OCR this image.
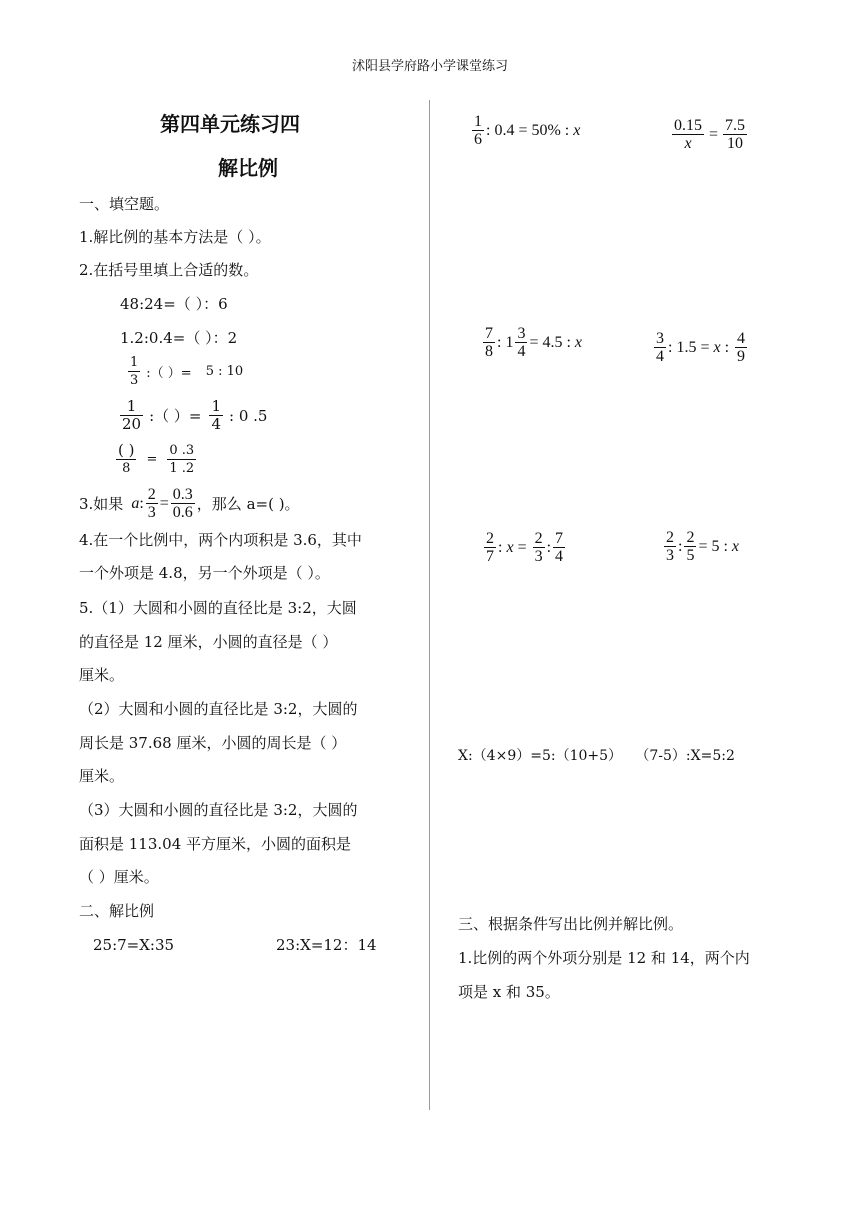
沭阳县学府路小学课堂练习
第四单元练习四
解比例
一、填空题。
1.解比例的基本方法是（ ）。
2.在括号里填上合适的数。
48:24=（ ）：6
1.2:0.4=（ ）：2
$\frac{1}{3}$ :（ ）= 5 : 10
$\frac{1}{20}$ :（ ）= $\frac{1}{4}$ : 0 .5
$\frac{( )}{8} = \frac{0 .3}{1 .2}$
3.如果 a : $\frac{2}{3} = \frac{0.3}{0.6}$ ，那么 a=( )。
4.在一个比例中，两个内项积是 3.6，其中
一个外项是 4.8，另一个外项是（ ）。
5.（1）大圆和小圆的直径比是 3:2，大圆
的直径是 12 厘米，小圆的直径是（ ）
厘米。
（2）大圆和小圆的直径比是 3:2，大圆的
周长是 37.68 厘米，小圆的周长是（ ）
厘米。
（3）大圆和小圆的直径比是 3:2，大圆的
面积是 113.04 平方厘米，小圆的面积是
（ ）厘米。
二、解比例
25:7=X:35	23:X=12：14
$\frac{1}{6}$ : 0.4 = 50% : x	$\frac{0.15}{x} = \frac{7.5}{10}$
$\frac{7}{8}$ : $1 \frac{3}{4} = 4.5$ : x	$\frac{3}{4}$ : 1.5 = x : $\frac{4}{9}$
$\frac{2}{7}$ : $x = \frac{2}{3}$ : $\frac{7}{4}$	$\frac{2}{3}$ : $\frac{2}{5} = 5$ : x
X:（4×9）=5:（10+5）   （7-5）:X=5:2
三、根据条件写出比例并解比例。
1.比例的两个外项分别是 12 和 14，两个内
项是 x 和 35。
